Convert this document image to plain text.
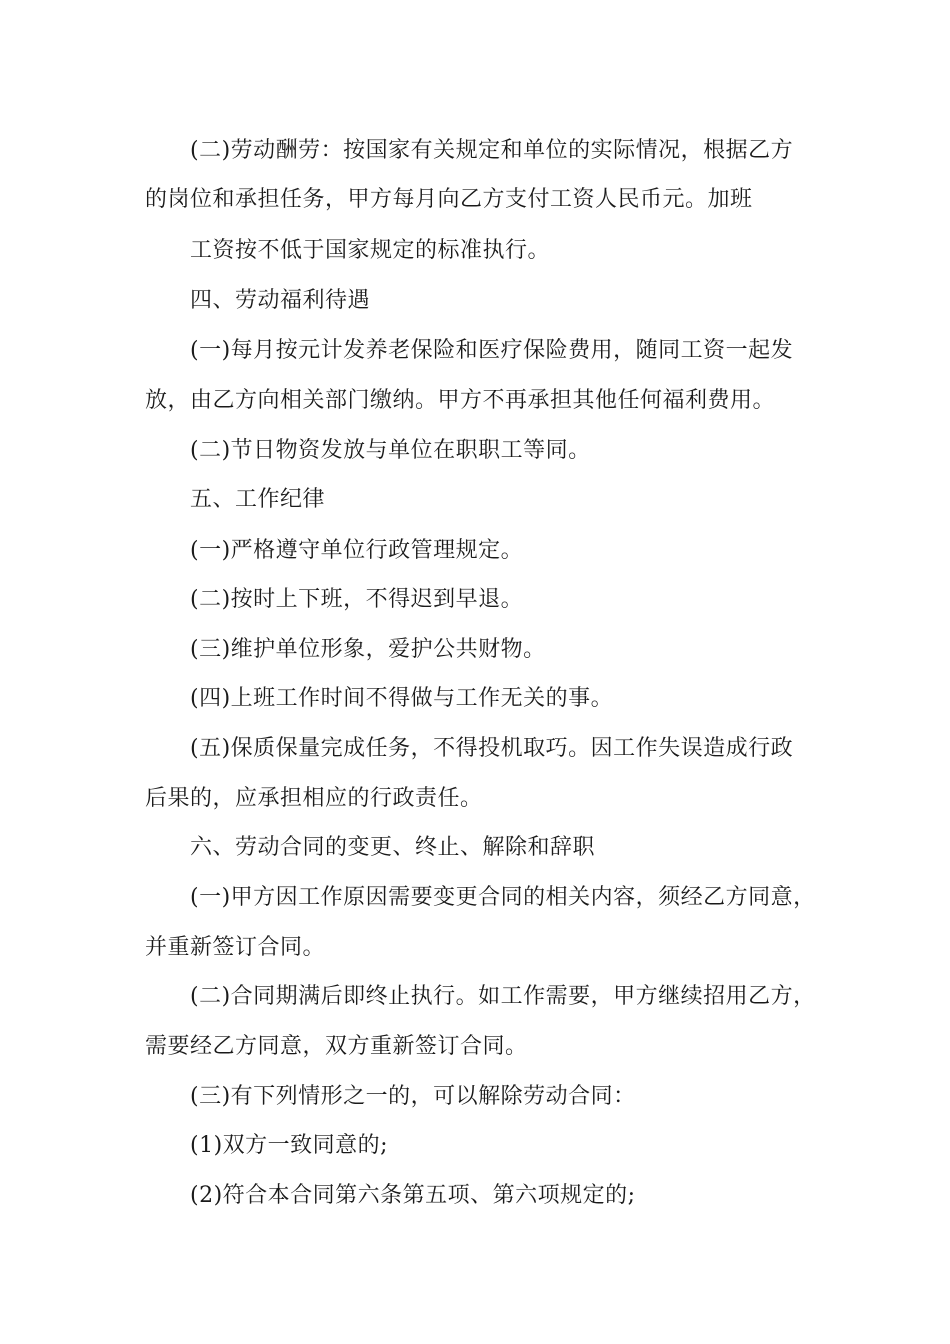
(二)劳动酬劳：按国家有关规定和单位的实际情况，根据乙方
的岗位和承担任务，甲方每月向乙方支付工资人民币元。加班
工资按不低于国家规定的标准执行。
四、劳动福利待遇
(一)每月按元计发养老保险和医疗保险费用，随同工资一起发
放，由乙方向相关部门缴纳。甲方不再承担其他任何福利费用。
(二)节日物资发放与单位在职职工等同。
五、工作纪律
(一)严格遵守单位行政管理规定。
(二)按时上下班，不得迟到早退。
(三)维护单位形象，爱护公共财物。
(四)上班工作时间不得做与工作无关的事。
(五)保质保量完成任务，不得投机取巧。因工作失误造成行政
后果的，应承担相应的行政责任。
六、劳动合同的变更、终止、解除和辞职
(一)甲方因工作原因需要变更合同的相关内容，须经乙方同意，
并重新签订合同。
(二)合同期满后即终止执行。如工作需要，甲方继续招用乙方，
需要经乙方同意，双方重新签订合同。
(三)有下列情形之一的，可以解除劳动合同：
(1)双方一致同意的;
(2)符合本合同第六条第五项、第六项规定的;
